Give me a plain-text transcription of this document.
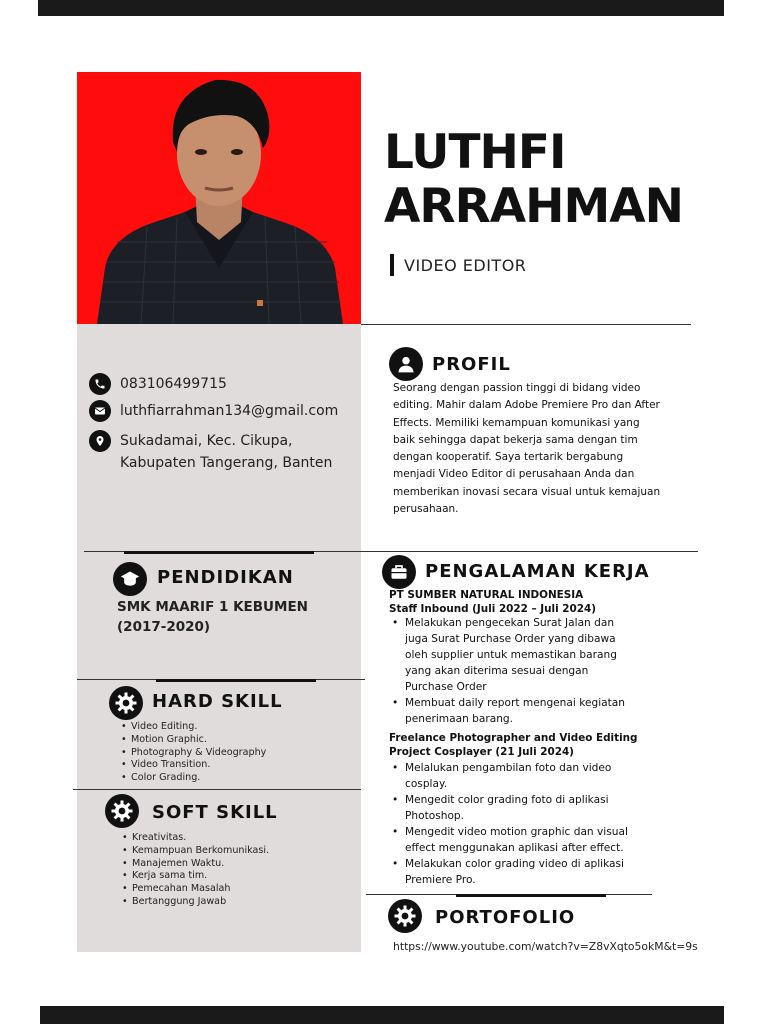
LUTHFI
ARRAHMAN
VIDEO EDITOR
083106499715
luthfiarrahman134@gmail.com
Sukadamai, Kec. Cikupa,
Kabupaten Tangerang, Banten
PROFIL
Seorang dengan passion tinggi di bidang video editing. Mahir dalam Adobe Premiere Pro dan After Effects. Memiliki kemampuan komunikasi yang baik sehingga dapat bekerja sama dengan tim dengan kooperatif. Saya tertarik bergabung menjadi Video Editor di perusahaan Anda dan memberikan inovasi secara visual untuk kemajuan perusahaan.
PENDIDIKAN
SMK MAARIF 1 KEBUMEN
(2017-2020)
PENGALAMAN KERJA
PT SUMBER NATURAL INDONESIA
Staff Inbound (Juli 2022 – Juli 2024)
• Melakukan pengecekan Surat Jalan dan juga Surat Purchase Order yang dibawa oleh supplier untuk memastikan barang yang akan diterima sesuai dengan Purchase Order
• Membuat daily report mengenai kegiatan penerimaan barang.
Freelance Photographer and Video Editing
Project Cosplayer (21 Juli 2024)
• Melalukan pengambilan foto dan video cosplay.
• Mengedit color grading foto di aplikasi Photoshop.
• Mengedit video motion graphic dan visual effect menggunakan aplikasi after effect.
• Melakukan color grading video di aplikasi Premiere Pro.
HARD SKILL
• Video Editing.
• Motion Graphic.
• Photography & Videography
• Video Transition.
• Color Grading.
SOFT SKILL
• Kreativitas.
• Kemampuan Berkomunikasi.
• Manajemen Waktu.
• Kerja sama tim.
• Pemecahan Masalah
• Bertanggung Jawab
PORTOFOLIO
https://www.youtube.com/watch?v=Z8vXqto5okM&t=9s
